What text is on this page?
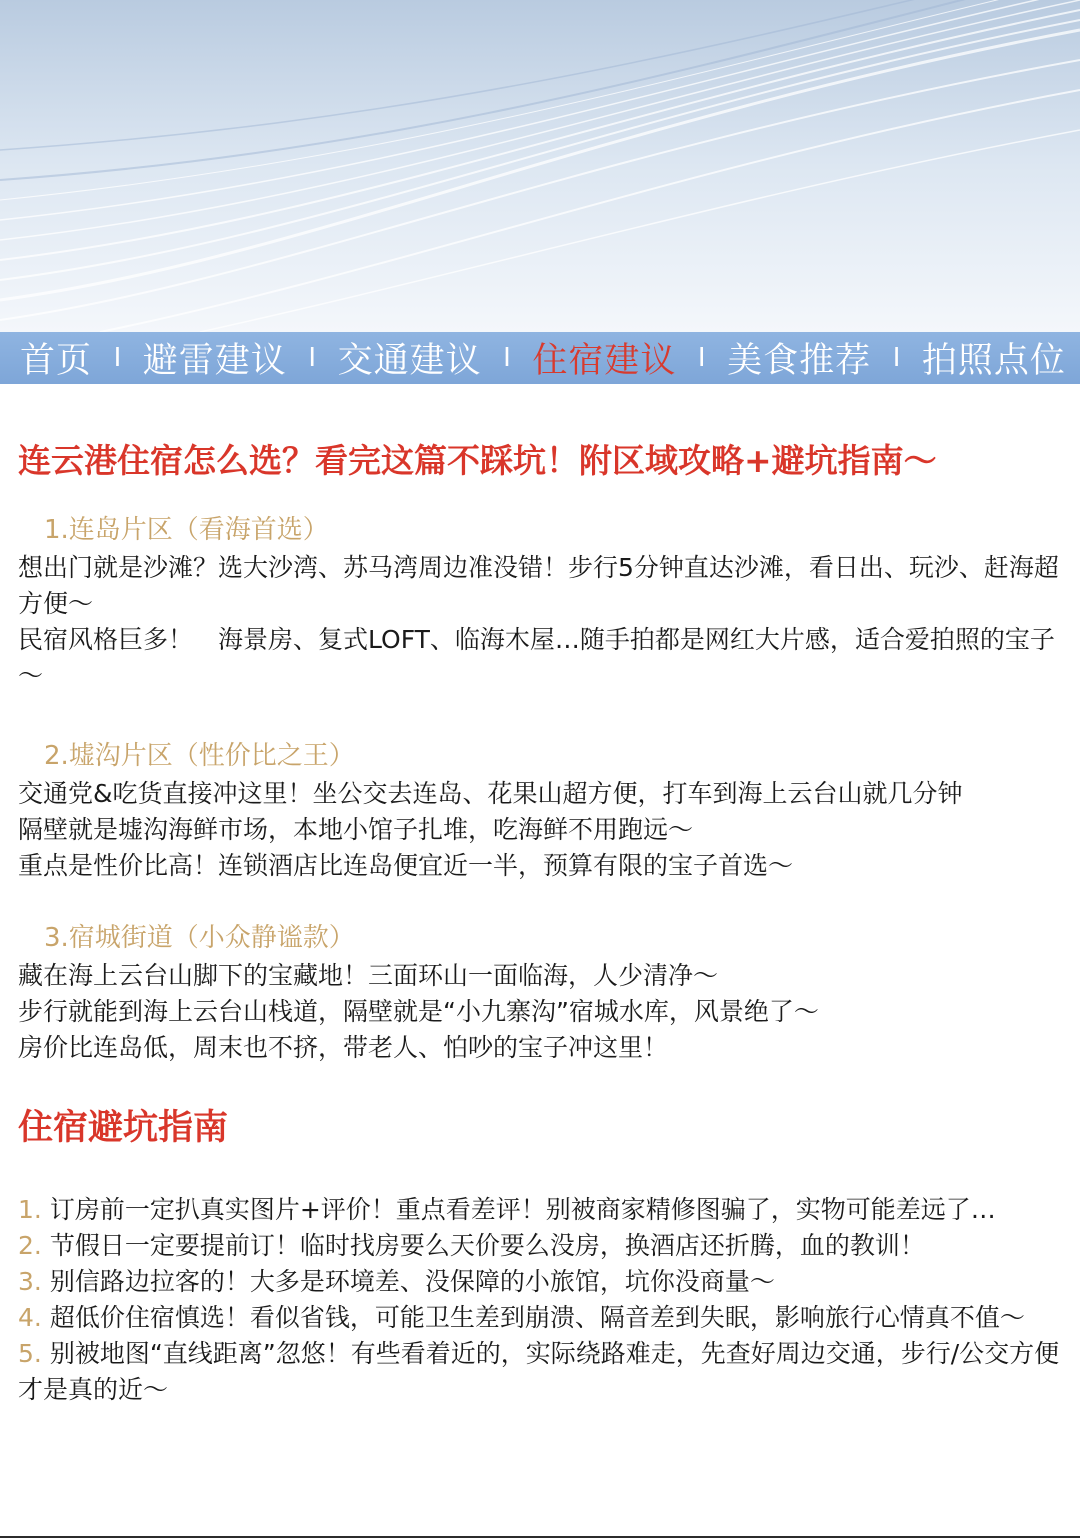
首页 I 避雷建议 I 交通建议 I 住宿建议 I 美食推荐 I 拍照点位
连云港住宿怎么选？看完这篇不踩坑！附区域攻略+避坑指南～

1.连岛片区（看海首选）

想出门就是沙滩？选大沙湾、苏马湾周边准没错！步行5分钟直达沙滩，看日出、玩沙、赶海超方便～

民宿风格巨多！　海景房、复式LOFT、临海木屋…随手拍都是网红大片感，适合爱拍照的宝子～

2.墟沟片区（性价比之王）

交通党&吃货直接冲这里！坐公交去连岛、花果山超方便，打车到海上云台山就几分钟

隔壁就是墟沟海鲜市场，本地小馆子扎堆，吃海鲜不用跑远～

重点是性价比高！连锁酒店比连岛便宜近一半，预算有限的宝子首选～

3.宿城街道（小众静谧款）

藏在海上云台山脚下的宝藏地！三面环山一面临海，人少清净～

步行就能到海上云台山栈道，隔壁就是“小九寨沟”宿城水库，风景绝了～

房价比连岛低，周末也不挤，带老人、怕吵的宝子冲这里！

住宿避坑指南

1. 订房前一定扒真实图片+评价！重点看差评！别被商家精修图骗了，实物可能差远了…

2. 节假日一定要提前订！临时找房要么天价要么没房，换酒店还折腾，血的教训！

3. 别信路边拉客的！大多是环境差、没保障的小旅馆，坑你没商量～

4. 超低价住宿慎选！看似省钱，可能卫生差到崩溃、隔音差到失眠，影响旅行心情真不值～

5. 别被地图“直线距离”忽悠！有些看着近的，实际绕路难走，先查好周边交通，步行/公交方便才是真的近～
